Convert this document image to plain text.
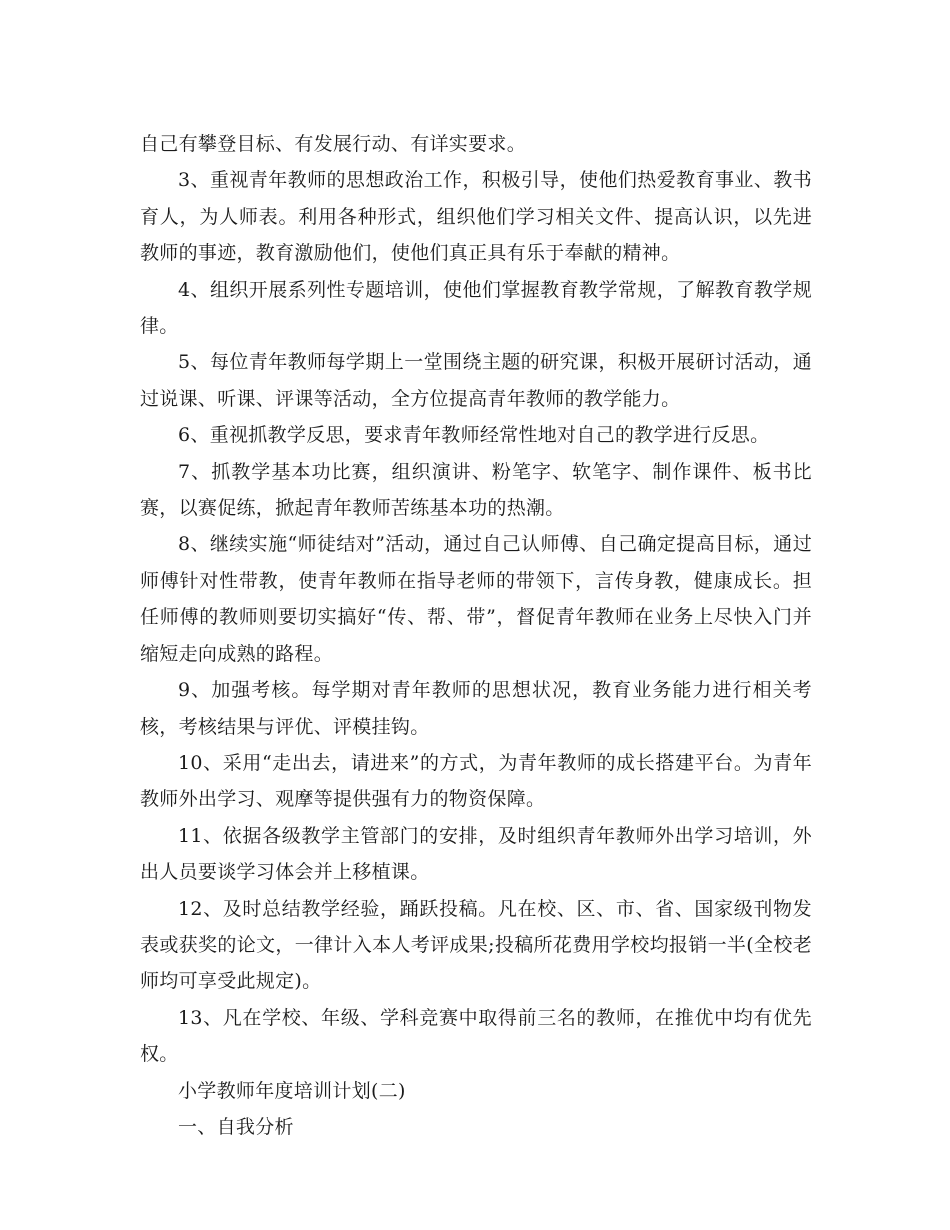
自己有攀登目标、有发展行动、有详实要求。

3、重视青年教师的思想政治工作，积极引导，使他们热爱教育事业、教书育人，为人师表。利用各种形式，组织他们学习相关文件、提高认识，以先进教师的事迹，教育激励他们，使他们真正具有乐于奉献的精神。

4、组织开展系列性专题培训，使他们掌握教育教学常规，了解教育教学规律。

5、每位青年教师每学期上一堂围绕主题的研究课，积极开展研讨活动，通过说课、听课、评课等活动，全方位提高青年教师的教学能力。

6、重视抓教学反思，要求青年教师经常性地对自己的教学进行反思。

7、抓教学基本功比赛，组织演讲、粉笔字、软笔字、制作课件、板书比赛，以赛促练，掀起青年教师苦练基本功的热潮。

8、继续实施“师徒结对”活动，通过自己认师傅、自己确定提高目标，通过师傅针对性带教，使青年教师在指导老师的带领下，言传身教，健康成长。担任师傅的教师则要切实搞好“传、帮、带”，督促青年教师在业务上尽快入门并缩短走向成熟的路程。

9、加强考核。每学期对青年教师的思想状况，教育业务能力进行相关考核，考核结果与评优、评模挂钩。

10、采用“走出去，请进来”的方式，为青年教师的成长搭建平台。为青年教师外出学习、观摩等提供强有力的物资保障。

11、依据各级教学主管部门的安排，及时组织青年教师外出学习培训，外出人员要谈学习体会并上移植课。

12、及时总结教学经验，踊跃投稿。凡在校、区、市、省、国家级刊物发表或获奖的论文，一律计入本人考评成果;投稿所花费用学校均报销一半(全校老师均可享受此规定)。

13、凡在学校、年级、学科竞赛中取得前三名的教师，在推优中均有优先权。

小学教师年度培训计划(二)

一、自我分析
